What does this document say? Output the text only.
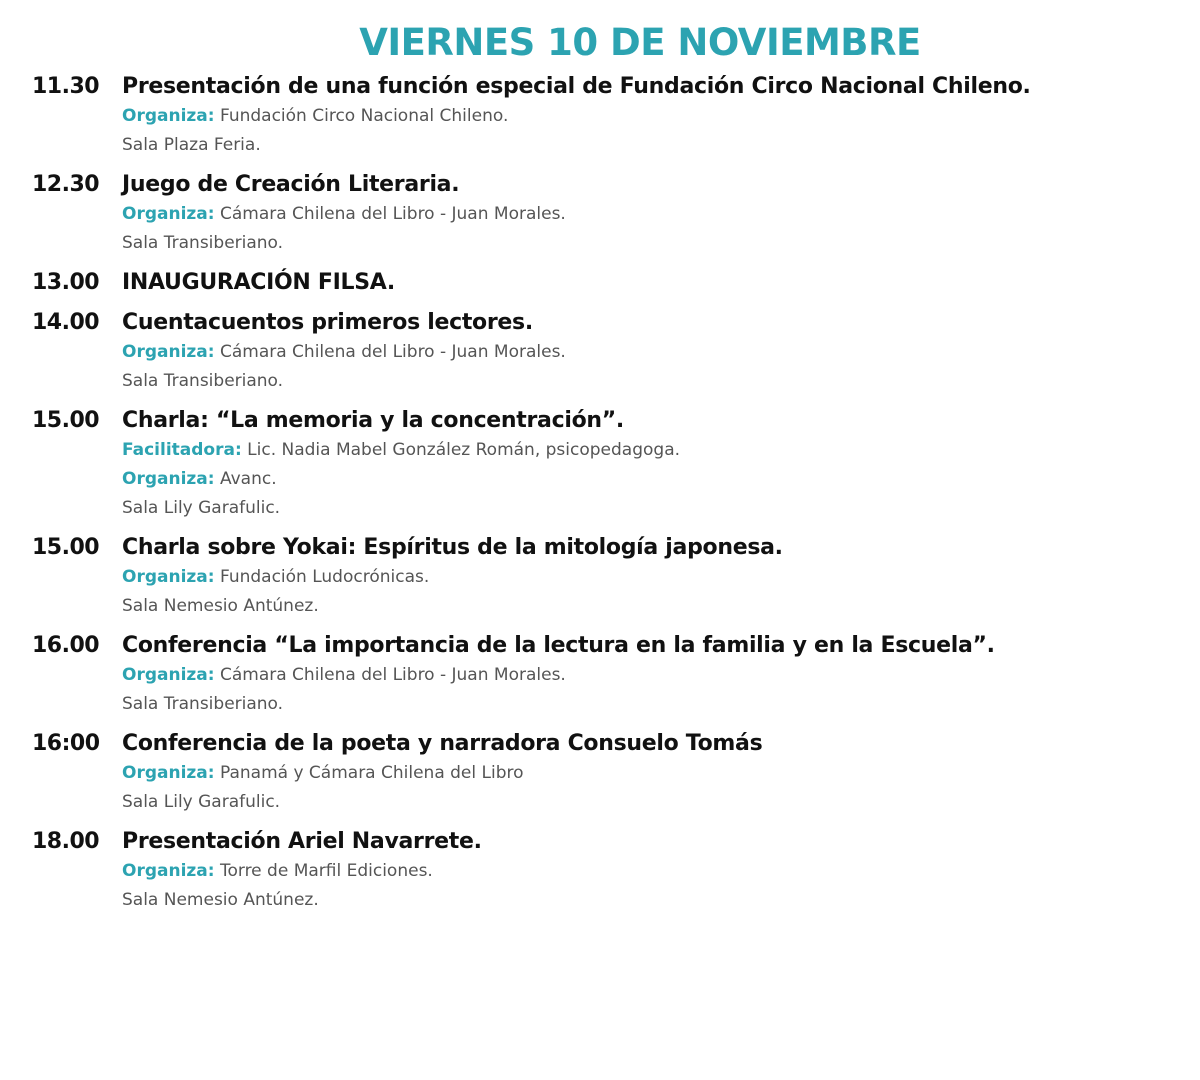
VIERNES 10 DE NOVIEMBRE
11.30	Presentación de una función especial de Fundación Circo Nacional Chileno.
Organiza: Fundación Circo Nacional Chileno.
Sala Plaza Feria.
12.30	Juego de Creación Literaria.
Organiza: Cámara Chilena del Libro - Juan Morales.
Sala Transiberiano.
13.00	INAUGURACIÓN FILSA.
14.00	Cuentacuentos primeros lectores.
Organiza: Cámara Chilena del Libro - Juan Morales.
Sala Transiberiano.
15.00	Charla: “La memoria y la concentración”.
Facilitadora: Lic. Nadia Mabel González Román, psicopedagoga.
Organiza: Avanc.
Sala Lily Garafulic.
15.00	Charla sobre Yokai: Espíritus de la mitología japonesa.
Organiza: Fundación Ludocrónicas.
Sala Nemesio Antúnez.
16.00	Conferencia “La importancia de la lectura en la familia y en la Escuela”.
Organiza: Cámara Chilena del Libro - Juan Morales.
Sala Transiberiano.
16:00	Conferencia de la poeta y narradora Consuelo Tomás
Organiza: Panamá y Cámara Chilena del Libro
Sala Lily Garafulic.
18.00	Presentación Ariel Navarrete.
Organiza: Torre de Marfil Ediciones.
Sala Nemesio Antúnez.
